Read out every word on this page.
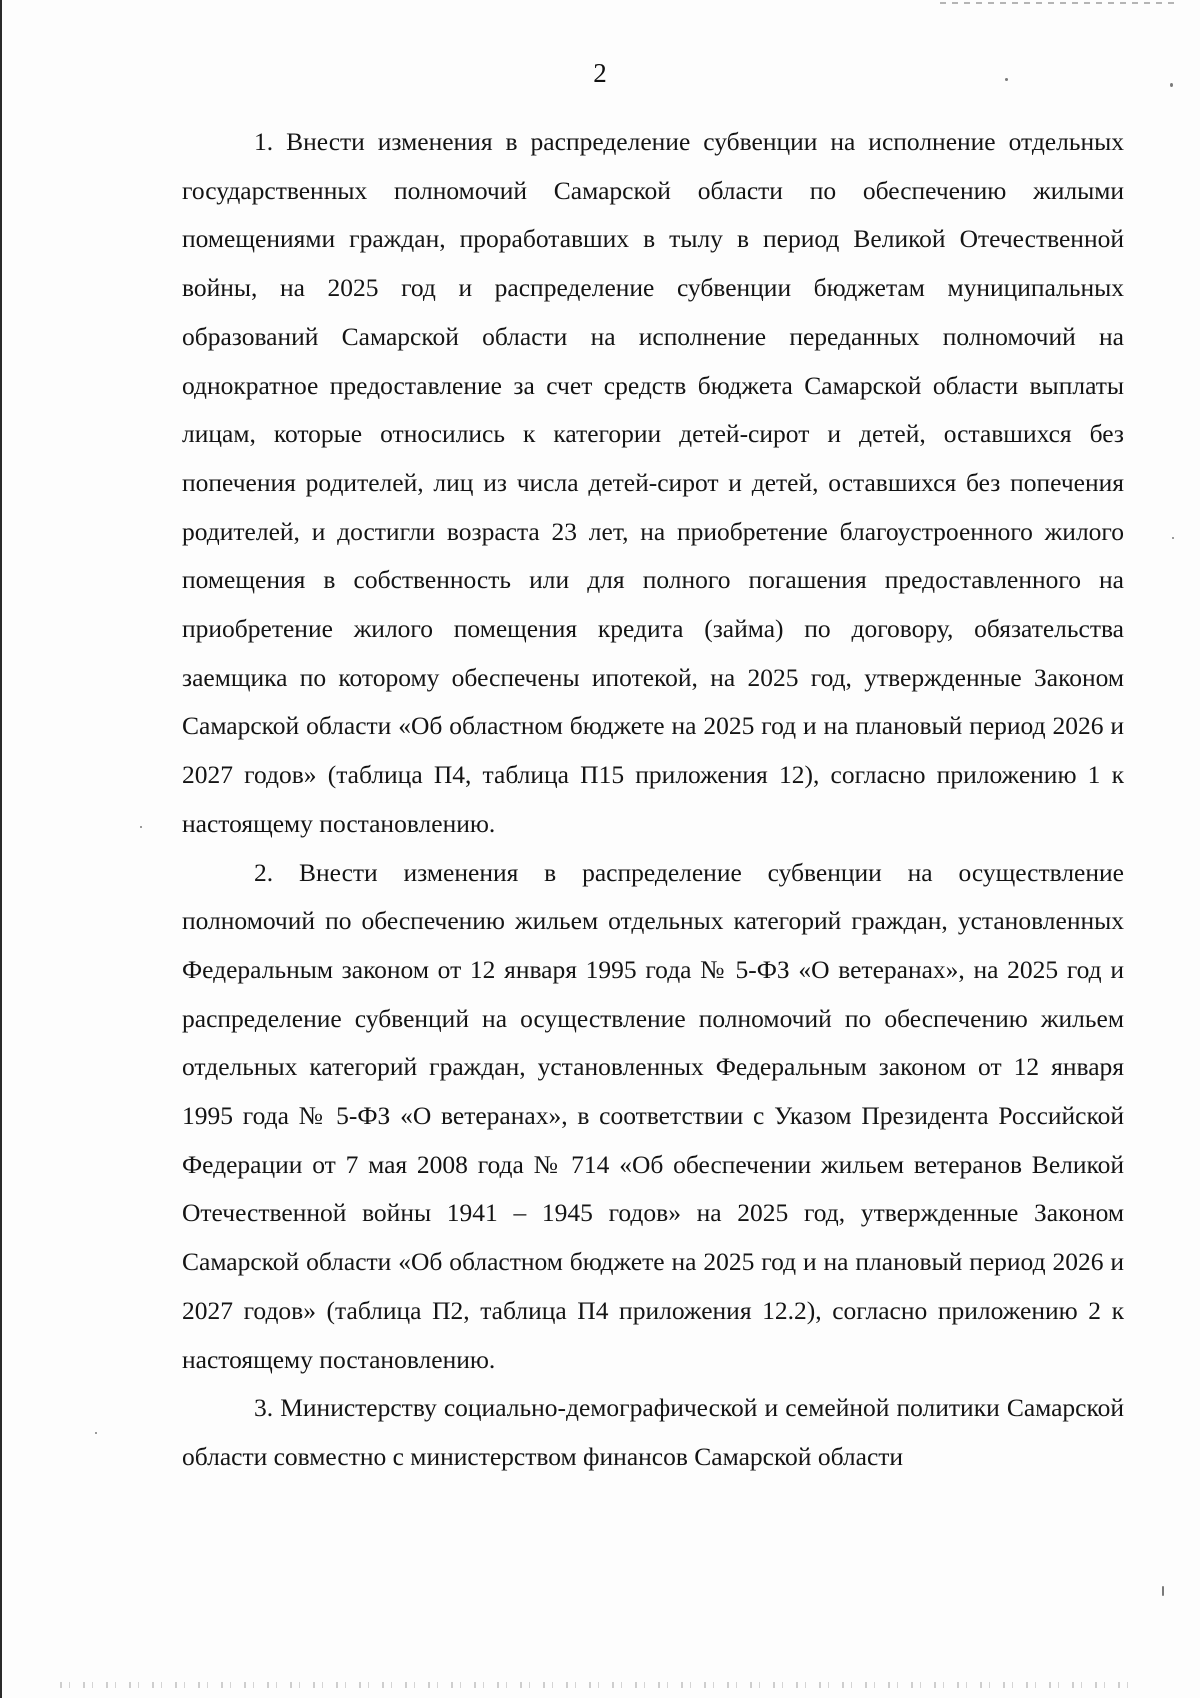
2

1. Внести изменения в распределение субвенции на исполнение отдельных государственных полномочий Самарской области по обеспечению жилыми помещениями граждан, проработавших в тылу в период Великой Отечественной войны, на 2025 год и распределение субвенции бюджетам муниципальных образований Самарской области на исполнение переданных полномочий на однократное предоставление за счет средств бюджета Самарской области выплаты лицам, которые относились к категории детей-сирот и детей, оставшихся без попечения родителей, лиц из числа детей-сирот и детей, оставшихся без попечения родителей, и достигли возраста 23 лет, на приобретение благоустроенного жилого помещения в собственность или для полного погашения предоставленного на приобретение жилого помещения кредита (займа) по договору, обязательства заемщика по которому обеспечены ипотекой, на 2025 год, утвержденные Законом Самарской области «Об областном бюджете на 2025 год и на плановый период 2026 и 2027 годов» (таблица П4, таблица П15 приложения 12), согласно приложению 1 к настоящему постановлению.

2. Внести изменения в распределение субвенции на осуществление полномочий по обеспечению жильем отдельных категорий граждан, установленных Федеральным законом от 12 января 1995 года № 5-ФЗ «О ветеранах», на 2025 год и распределение субвенций на осуществление полномочий по обеспечению жильем отдельных категорий граждан, установленных Федеральным законом от 12 января 1995 года № 5-ФЗ «О ветеранах», в соответствии с Указом Президента Российской Федерации от 7 мая 2008 года № 714 «Об обеспечении жильем ветеранов Великой Отечественной войны 1941 – 1945 годов» на 2025 год, утвержденные Законом Самарской области «Об областном бюджете на 2025 год и на плановый период 2026 и 2027 годов» (таблица П2, таблица П4 приложения 12.2), согласно приложению 2 к настоящему постановлению.

3. Министерству социально-демографической и семейной политики Самарской области совместно с министерством финансов Самарской области
